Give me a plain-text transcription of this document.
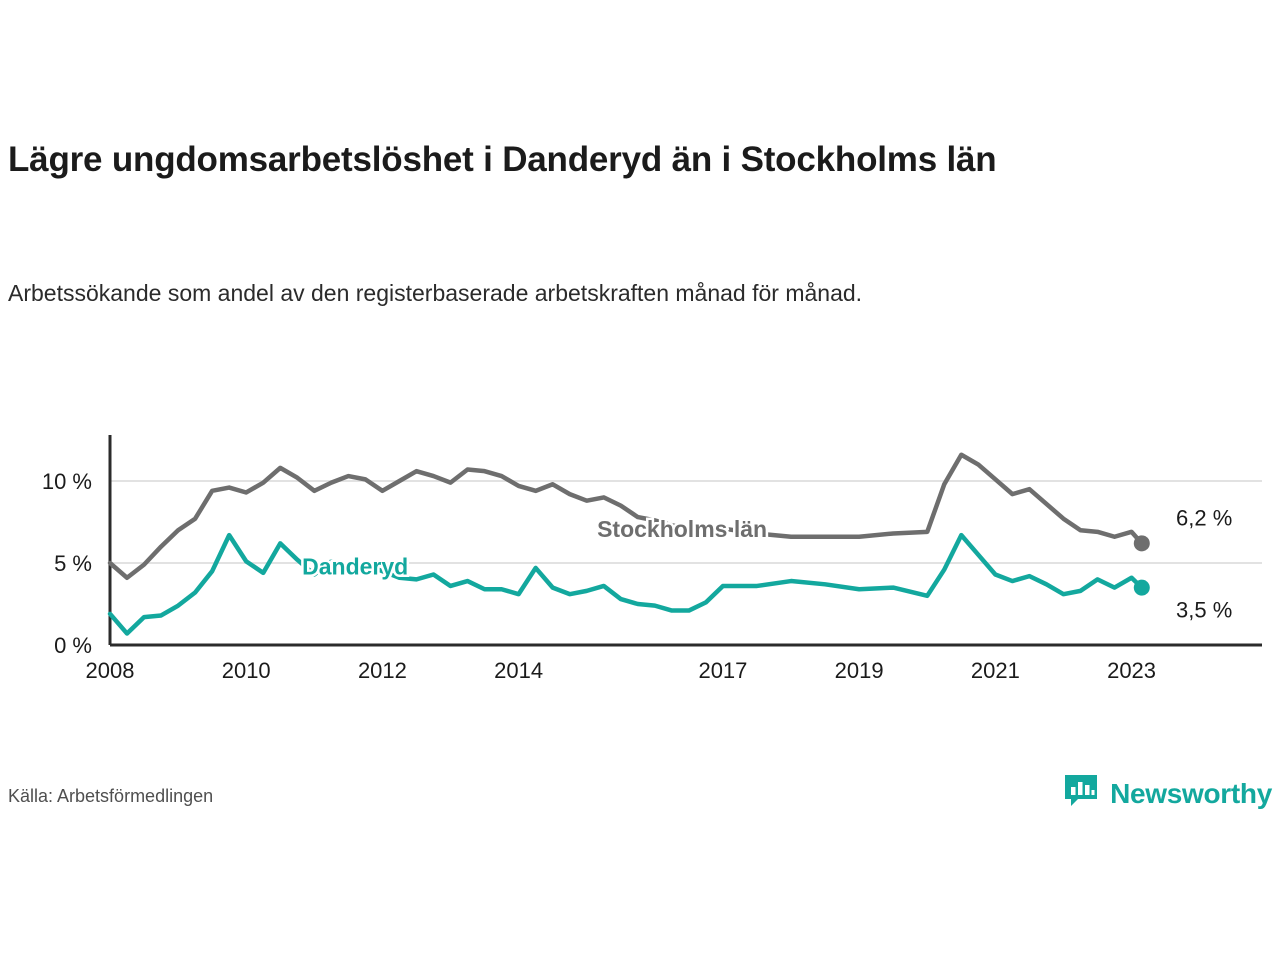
Lägre ungdomsarbetslöshet i Danderyd än i Stockholms län
Arbetssökande som andel av den registerbaserade arbetskraften månad för månad.
0 %
5 %
10 %
2008	2010	2012	2014	2017	2019	2021	2023
Stockholms län
Danderyd
6,2 %
3,5 %
Källa: Arbetsförmedlingen	Newsworthy
